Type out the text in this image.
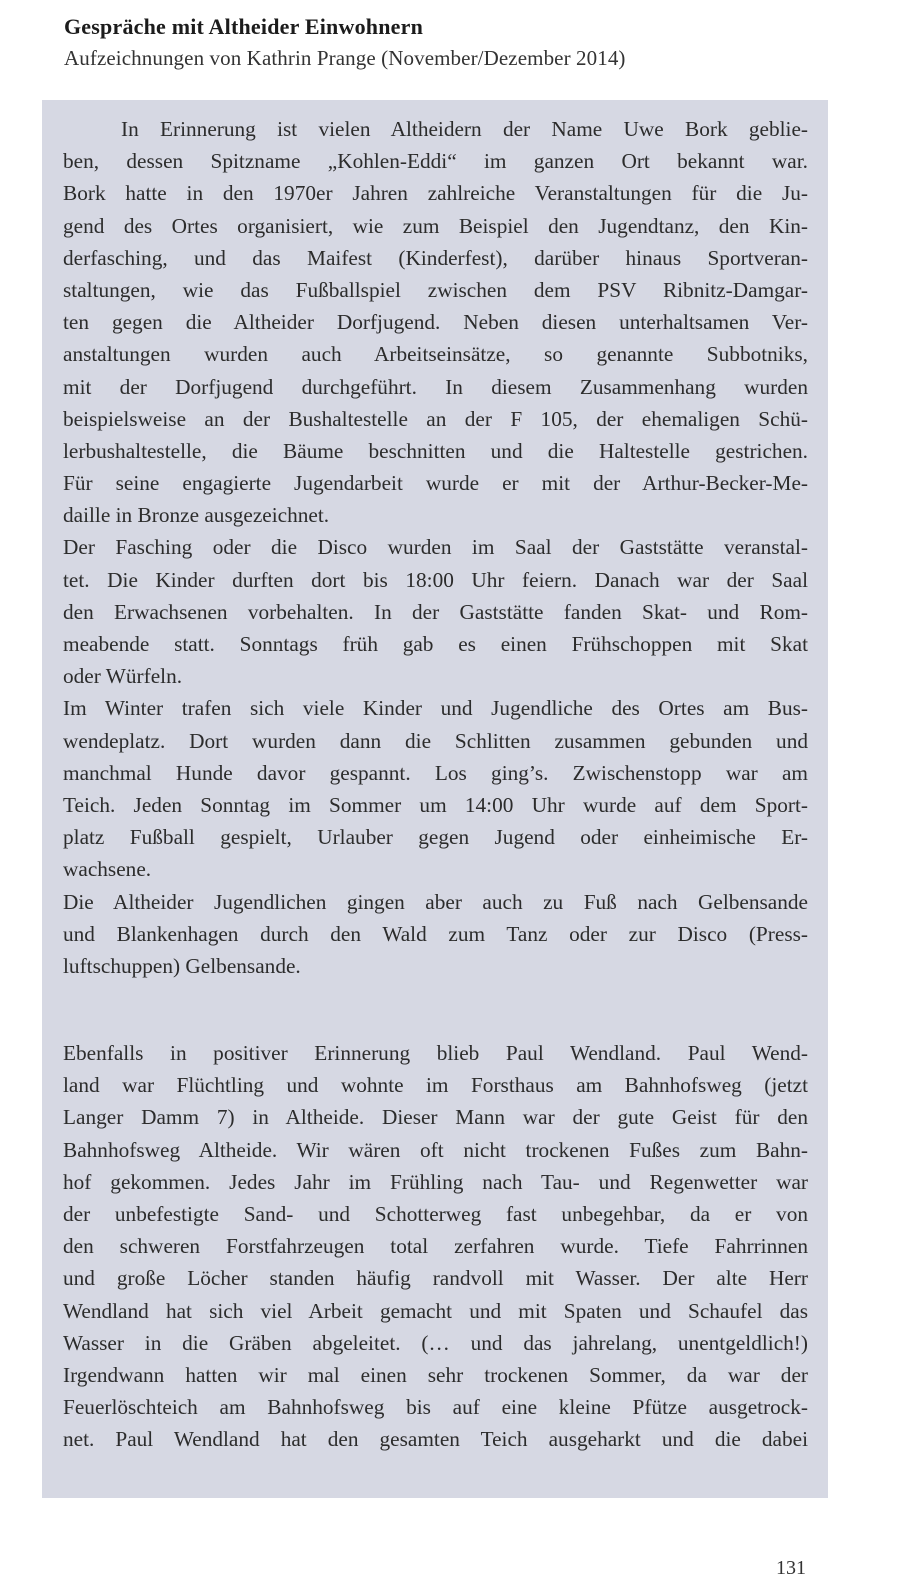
Gespräche mit Altheider Einwohnern
Aufzeichnungen von Kathrin Prange (November/Dezember 2014)
In Erinnerung ist vielen Altheidern der Name Uwe Bork geblie-
ben, dessen Spitzname „Kohlen-Eddi“ im ganzen Ort bekannt war.
Bork hatte in den 1970er Jahren zahlreiche Veranstaltungen für die Ju-
gend des Ortes organisiert, wie zum Beispiel den Jugendtanz, den Kin-
derfasching, und das Maifest (Kinderfest), darüber hinaus Sportveran-
staltungen, wie das Fußballspiel zwischen dem PSV Ribnitz-Damgar-
ten gegen die Altheider Dorfjugend. Neben diesen unterhaltsamen Ver-
anstaltungen wurden auch Arbeitseinsätze, so genannte Subbotniks,
mit der Dorfjugend durchgeführt. In diesem Zusammenhang wurden
beispielsweise an der Bushaltestelle an der F 105, der ehemaligen Schü-
lerbushaltestelle, die Bäume beschnitten und die Haltestelle gestrichen.
Für seine engagierte Jugendarbeit wurde er mit der Arthur-Becker-Me-
daille in Bronze ausgezeichnet.
Der Fasching oder die Disco wurden im Saal der Gaststätte veranstal-
tet. Die Kinder durften dort bis 18:00 Uhr feiern. Danach war der Saal
den Erwachsenen vorbehalten. In der Gaststätte fanden Skat- und Rom-
meabende statt. Sonntags früh gab es einen Frühschoppen mit Skat
oder Würfeln.
Im Winter trafen sich viele Kinder und Jugendliche des Ortes am Bus-
wendeplatz. Dort wurden dann die Schlitten zusammen gebunden und
manchmal Hunde davor gespannt. Los ging’s. Zwischenstopp war am
Teich. Jeden Sonntag im Sommer um 14:00 Uhr wurde auf dem Sport-
platz Fußball gespielt, Urlauber gegen Jugend oder einheimische Er-
wachsene.
Die Altheider Jugendlichen gingen aber auch zu Fuß nach Gelbensande
und Blankenhagen durch den Wald zum Tanz oder zur Disco (Press-
luftschuppen) Gelbensande.
Ebenfalls in positiver Erinnerung blieb Paul Wendland. Paul Wend-
land war Flüchtling und wohnte im Forsthaus am Bahnhofsweg (jetzt
Langer Damm 7) in Altheide. Dieser Mann war der gute Geist für den
Bahnhofsweg Altheide. Wir wären oft nicht trockenen Fußes zum Bahn-
hof gekommen. Jedes Jahr im Frühling nach Tau- und Regenwetter war
der unbefestigte Sand- und Schotterweg fast unbegehbar, da er von
den schweren Forstfahrzeugen total zerfahren wurde. Tiefe Fahrrinnen
und große Löcher standen häufig randvoll mit Wasser. Der alte Herr
Wendland hat sich viel Arbeit gemacht und mit Spaten und Schaufel das
Wasser in die Gräben abgeleitet. (… und das jahrelang, unentgeldlich!)
Irgendwann hatten wir mal einen sehr trockenen Sommer, da war der
Feuerlöschteich am Bahnhofsweg bis auf eine kleine Pfütze ausgetrock-
net. Paul Wendland hat den gesamten Teich ausgeharkt und die dabei
131
